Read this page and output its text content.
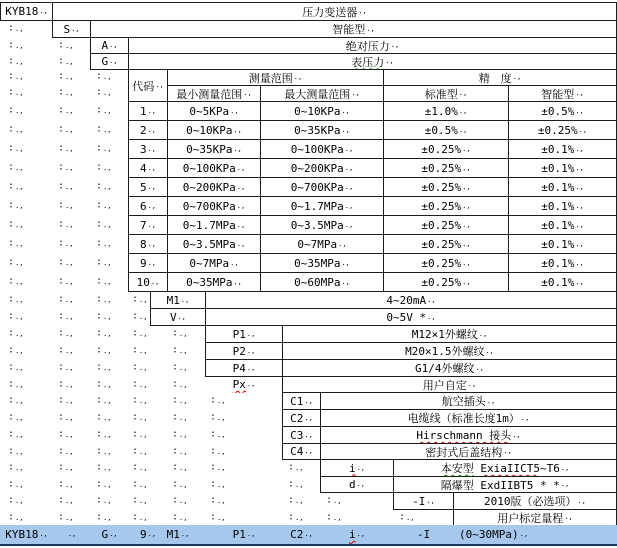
KYB18 .,	压力变送器 .,
S .,	智能型 .,
∶.,
A .,	绝对压力 .,
∶.,	∶.,
G .,	表压力 .,
∶.,	∶.,
代码 .,
测量范围 .,	精　度 .,
最小测量范围 .,	最大测量范围 .,	标准型 .,	智能型 .,
∶.,	∶., ∶.,
∶.,	∶., ∶.,
1 .,	0~5KPa .,	0~10KPa .,	±1.0% .,	±0.5% .,
∶.,	∶., ∶.,
2 .,	0~10KPa .,	0~35KPa .,	±0.5% .,	±0.25% .,
∶.,	∶., ∶.,
3 .,	0~35KPa .,	0~100KPa .,	±0.25% .,	±0.1% .,
∶.,	∶., ∶.,
4 .,	0~100KPa .,	0~200KPa .,	±0.25% .,	±0.1% .,
∶.,	∶., ∶.,
5 .,	0~200KPa .,	0~700KPa .,	±0.25% .,	±0.1% .,
∶.,	∶., ∶.,
6 .,	0~700KPa .,	0~1.7MPa .,	±0.25% .,	±0.1% .,
∶.,	∶., ∶.,
7 .,	0~1.7MPa .,	0~3.5MPa .,	±0.25% .,	±0.1% .,
∶.,	∶., ∶.,
8 .,	0~3.5MPa .,	0~7MPa .,	±0.25% .,	±0.1% .,
∶.,	∶., ∶.,
9 .,	0~7MPa .,	0~35MPa .,	±0.25% .,	±0.1% .,
∶.,	∶., ∶.,
10 .,	0~35MPa .,	0~60MPa .,	±0.25% .,	±0.1% .,
∶.,	∶., ∶.,
M1 .,	4~20mA .,
∶.,	∶., ∶., ∶.,
V .,	0~5V * .,
∶.,	∶., ∶., ∶.,
P1 .,	M12×1外螺纹 .,
∶.,	∶., ∶., ∶., ∶.,
P2 .,	M20×1.5外螺纹 .,
∶.,	∶., ∶., ∶., ∶.,
P4 .,	G1/4外螺纹 .,
∶.,	∶., ∶., ∶., ∶.,
Px .,	用户自定 .,
∶.,	∶., ∶., ∶., ∶.,
C1 .,	航空插头 .,
∶.,	∶., ∶., ∶., ∶., ∶.,
C2 .,	电缆线（标准长度1m） .,
∶.,	∶., ∶., ∶., ∶., ∶.,
C3 .,	Hirschmann 接头 .,
∶.,	∶., ∶., ∶., ∶., ∶.,
C4 .,	密封式后盖结构 .,
∶.,	∶., ∶., ∶., ∶., ∶.,
i .,	本安型 ExiaIICT5~T6 .,
∶.,	∶., ∶., ∶., ∶., ∶.,	∶.,
d .,	隔爆型 ExdIIBT5 * * .,
∶.,	∶., ∶., ∶., ∶., ∶.,	∶.,
-I .,	2010版（必选项） .,
∶.,	∶., ∶., ∶., ∶., ∶.,	∶., ∶.,
用户标定量程 .,
∶.,	∶., ∶., ∶., ∶., ∶.,	∶., ∶.,	∶.,
KYB18 .,	.,	G .,	9 ., M1 .,	P1 .,	C2 .,	i .,	-I	(0~30MPa) .,
